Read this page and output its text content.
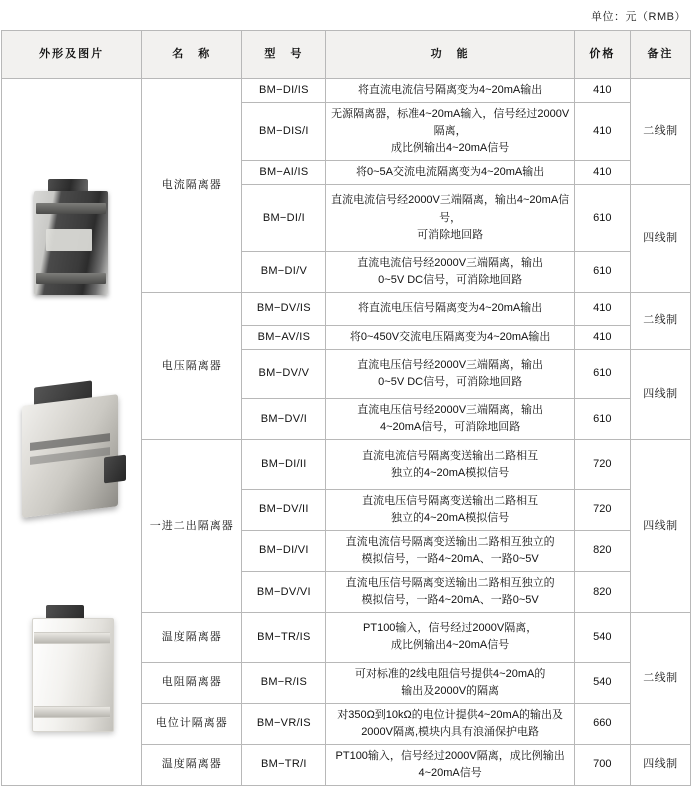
单位：元（RMB）
外形及图片	名　称	型　号	功　能	价格	备注

	电流隔离器	BM−DI/IS	将直流电流信号隔离变为4~20mA输出	410	二线制
		BM−DIS/I	无源隔离器，标准4~20mA输入，信号经过2000V隔离，
成比例输出4~20mA信号	410	
		BM−AI/IS	将0~5A交流电流隔离变为4~20mA输出	410	
		BM−DI/I	直流电流信号经2000V三端隔离，输出4~20mA信号，
可消除地回路	610	四线制
		BM−DI/V	直流电流信号经2000V三端隔离，输出
0~5V DC信号，可消除地回路	610	
	电压隔离器	BM−DV/IS	将直流电压信号隔离变为4~20mA输出	410	二线制
		BM−AV/IS	将0~450V交流电压隔离变为4~20mA输出	410	
		BM−DV/V	直流电压信号经2000V三端隔离，输出
0~5V DC信号，可消除地回路	610	四线制
		BM−DV/I	直流电压信号经2000V三端隔离，输出
4~20mA信号，可消除地回路	610	
	一进二出隔离器	BM−DI/II	直流电流信号隔离变送输出二路相互
独立的4~20mA模拟信号	720	四线制
		BM−DV/II	直流电压信号隔离变送输出二路相互
独立的4~20mA模拟信号	720	
		BM−DI/VI	直流电流信号隔离变送输出二路相互独立的
模拟信号，一路4~20mA、一路0~5V	820	
		BM−DV/VI	直流电压信号隔离变送输出二路相互独立的
模拟信号，一路4~20mA、一路0~5V	820	
	温度隔离器	BM−TR/IS	PT100输入，信号经过2000V隔离，
成比例输出4~20mA信号	540	二线制
	电阻隔离器	BM−R/IS	可对标准的2线电阻信号提供4~20mA的
输出及2000V的隔离	540	
	电位计隔离器	BM−VR/IS	对350Ω到10kΩ的电位计提供4~20mA的输出及
2000V隔离,模块内具有浪涌保护电路	660	
	温度隔离器	BM−TR/I	PT100输入，信号经过2000V隔离，成比例输出4~20mA信号	700	四线制
